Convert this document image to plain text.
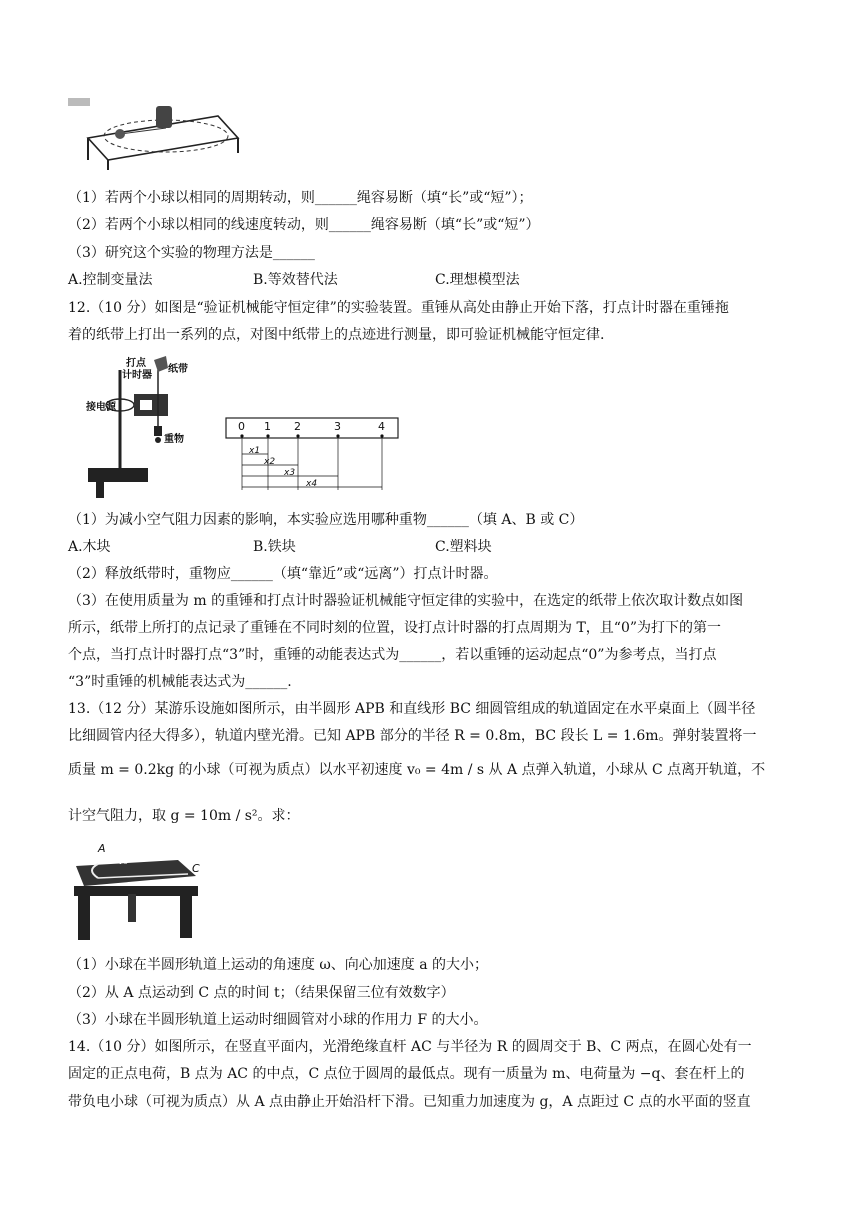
（1）若两个小球以相同的周期转动，则______绳容易断（填“长”或“短”）；
（2）若两个小球以相同的线速度转动，则______绳容易断（填“长”或“短”）
（3）研究这个实验的物理方法是______
A.控制变量法	B.等效替代法	C.理想模型法
12.（10 分）如图是“验证机械能守恒定律”的实验装置。重锤从高处由静止开始下落，打点计时器在重锤拖
着的纸带上打出一系列的点，对图中纸带上的点迹进行测量，即可验证机械能守恒定律.
打点
计时器
纸带
接电源
重物
0 1 2	3	4
x1
x2
x3
x4
（1）为减小空气阻力因素的影响，本实验应选用哪种重物______（填 A、B 或 C）
A.木块	B.铁块	C.塑料块
（2）释放纸带时，重物应______（填“靠近”或“远离”）打点计时器。
（3）在使用质量为 m 的重锤和打点计时器验证机械能守恒定律的实验中，在选定的纸带上依次取计数点如图
所示，纸带上所打的点记录了重锤在不同时刻的位置，设打点计时器的打点周期为 T，且“0”为打下的第一
个点，当打点计时器打点“3”时，重锤的动能表达式为______，若以重锤的运动起点“0”为参考点，当打点
“3”时重锤的机械能表达式为______.
13.（12 分）某游乐设施如图所示，由半圆形 APB 和直线形 BC 细圆管组成的轨道固定在水平桌面上（圆半径
比细圆管内径大得多），轨道内壁光滑。已知 APB 部分的半径 R = 0.8m，BC 段长 L = 1.6m。弹射装置将一
质量 m = 0.2kg 的小球（可视为质点）以水平初速度 v₀ = 4m / s 从 A 点弹入轨道，小球从 C 点离开轨道，不
计空气阻力，取 g = 10m / s²。求：
A
v₀
C
（1）小球在半圆形轨道上运动的角速度 ω、向心加速度 a 的大小；
（2）从 A 点运动到 C 点的时间 t；（结果保留三位有效数字）
（3）小球在半圆形轨道上运动时细圆管对小球的作用力 F 的大小。
14.（10 分）如图所示，在竖直平面内，光滑绝缘直杆 AC 与半径为 R 的圆周交于 B、C 两点，在圆心处有一
固定的正点电荷，B 点为 AC 的中点，C 点位于圆周的最低点。现有一质量为 m、电荷量为 −q、套在杆上的
带负电小球（可视为质点）从 A 点由静止开始沿杆下滑。已知重力加速度为 g，A 点距过 C 点的水平面的竖直
